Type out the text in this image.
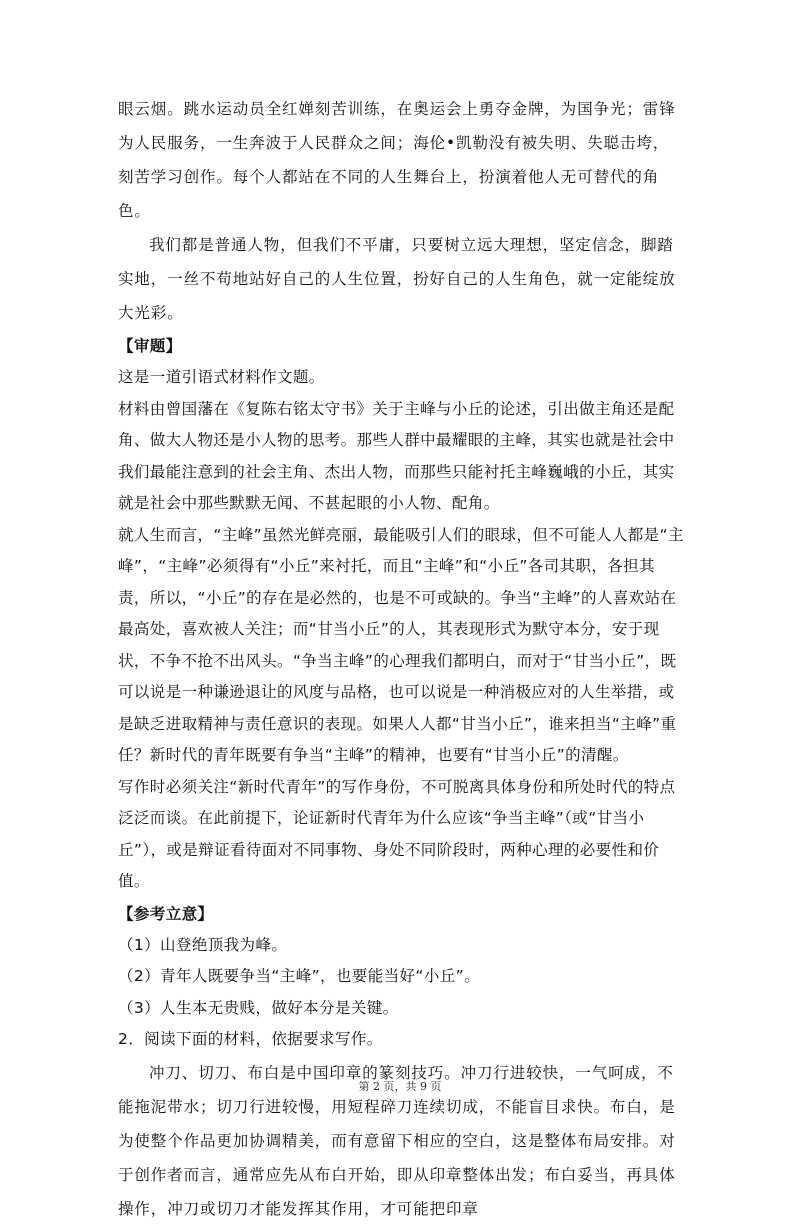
眼云烟。跳水运动员全红婵刻苦训练，在奥运会上勇夺金牌，为国争光；雷锋为人民服务，一生奔波于人民群众之间；海伦•凯勒没有被失明、失聪击垮，刻苦学习创作。每个人都站在不同的人生舞台上，扮演着他人无可替代的角色。

我们都是普通人物，但我们不平庸，只要树立远大理想，坚定信念，脚踏实地，一丝不苟地站好自己的人生位置，扮好自己的人生角色，就一定能绽放大光彩。

【审题】

这是一道引语式材料作文题。

材料由曾国藩在《复陈右铭太守书》关于主峰与小丘的论述，引出做主角还是配角、做大人物还是小人物的思考。那些人群中最耀眼的主峰，其实也就是社会中我们最能注意到的社会主角、杰出人物，而那些只能衬托主峰巍峨的小丘，其实就是社会中那些默默无闻、不甚起眼的小人物、配角。

就人生而言，“主峰”虽然光鲜亮丽，最能吸引人们的眼球，但不可能人人都是“主峰”，“主峰”必须得有“小丘”来衬托，而且“主峰”和“小丘”各司其职，各担其责，所以，“小丘”的存在是必然的，也是不可或缺的。争当“主峰”的人喜欢站在最高处，喜欢被人关注；而“甘当小丘”的人，其表现形式为默守本分，安于现状，不争不抢不出风头。“争当主峰”的心理我们都明白，而对于“甘当小丘”，既可以说是一种谦逊退让的风度与品格，也可以说是一种消极应对的人生举措，或是缺乏进取精神与责任意识的表现。如果人人都“甘当小丘”，谁来担当“主峰”重任？新时代的青年既要有争当“主峰”的精神，也要有“甘当小丘”的清醒。

写作时必须关注“新时代青年”的写作身份，不可脱离具体身份和所处时代的特点泛泛而谈。在此前提下，论证新时代青年为什么应该“争当主峰”（或“甘当小丘”），或是辩证看待面对不同事物、身处不同阶段时，两种心理的必要性和价值。

【参考立意】

（1）山登绝顶我为峰。

（2）青年人既要争当“主峰”，也要能当好“小丘”。

（3）人生本无贵贱，做好本分是关键。

2．阅读下面的材料，依据要求写作。

冲刀、切刀、布白是中国印章的篆刻技巧。冲刀行进较快，一气呵成，不能拖泥带水；切刀行进较慢，用短程碎刀连续切成，不能盲目求快。布白，是为使整个作品更加协调精美，而有意留下相应的空白，这是整体布局安排。对于创作者而言，通常应先从布白开始，即从印章整体出发；布白妥当，再具体操作，冲刀或切刀才能发挥其作用，才可能把印章

第 2 页，共 9 页
